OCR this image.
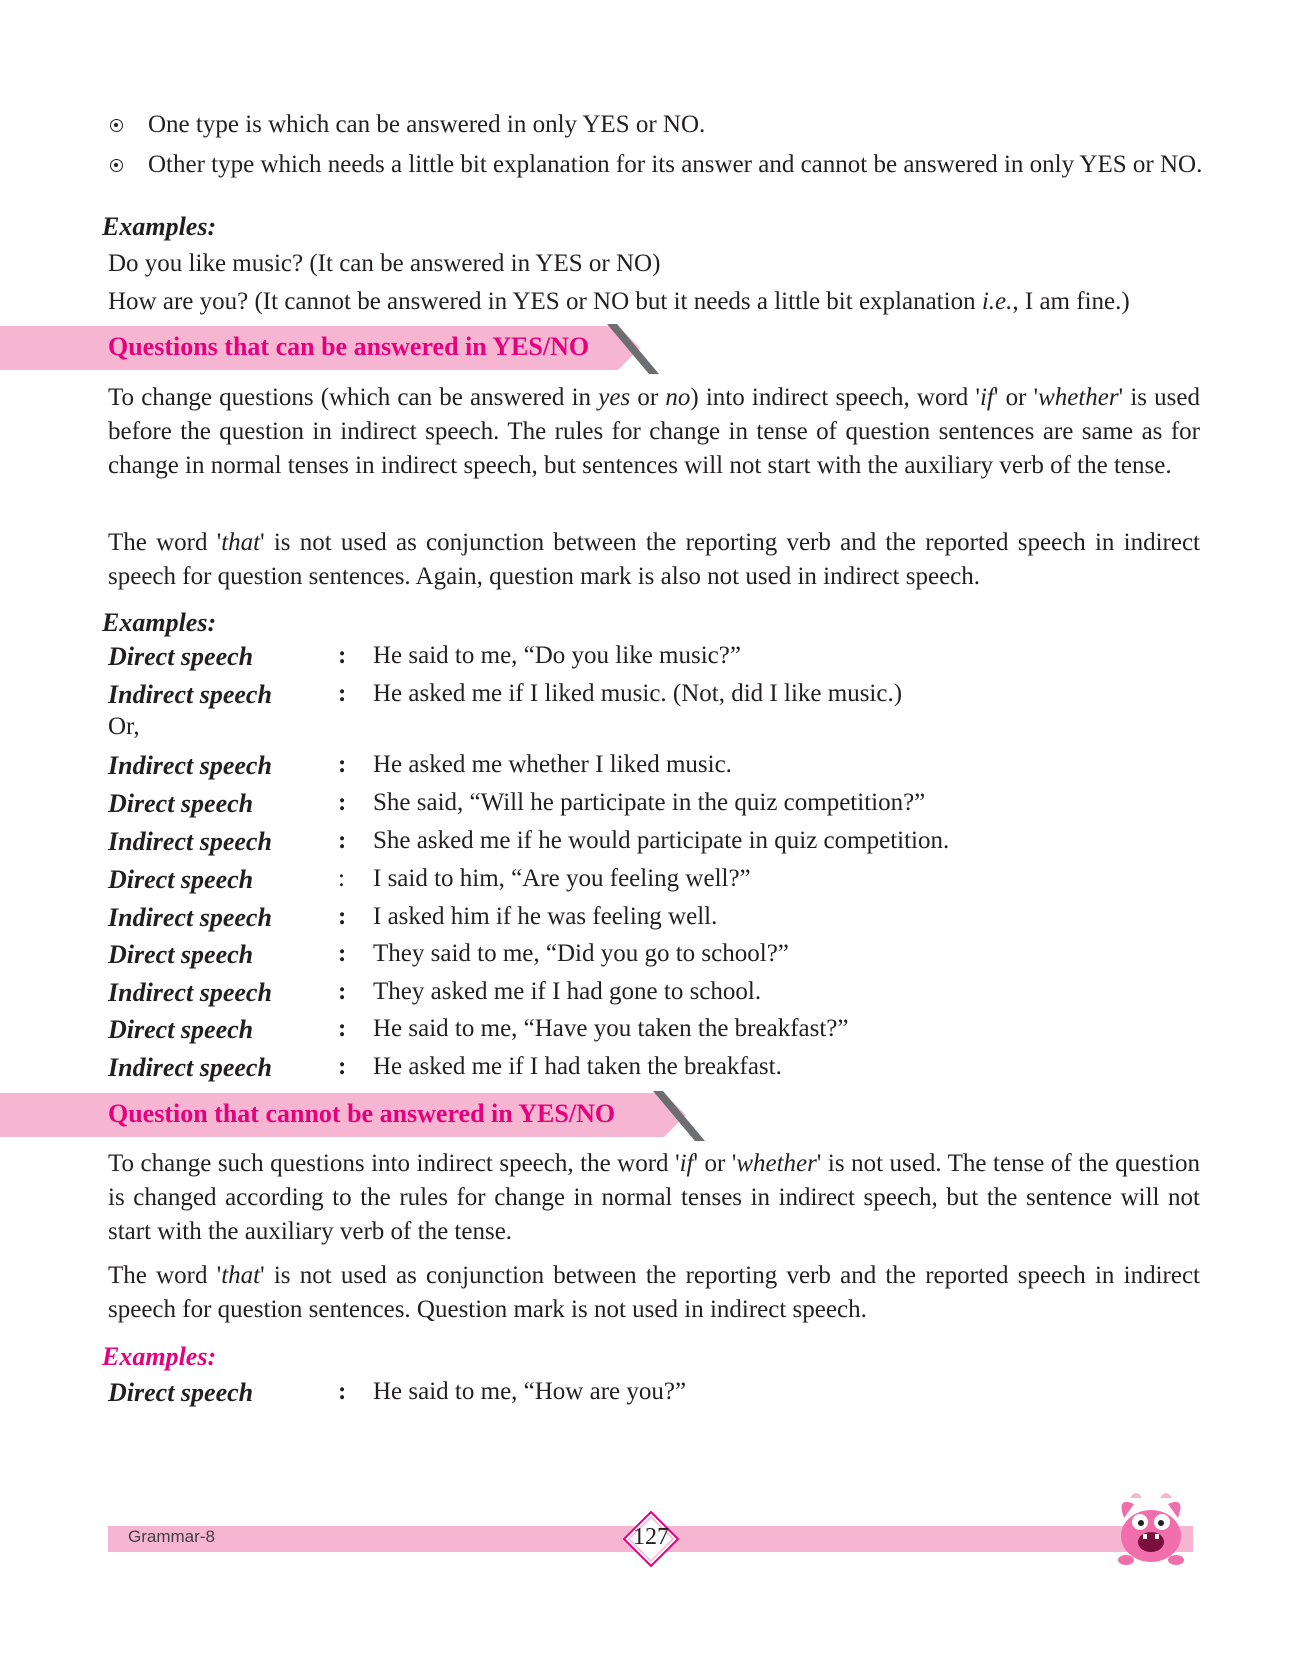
One type is which can be answered in only YES or NO.
Other type which needs a little bit explanation for its answer and cannot be answered in only YES or NO.
Examples:
Do you like music? (It can be answered in YES or NO)
How are you? (It cannot be answered in YES or NO but it needs a little bit explanation i.e., I am fine.)
Questions that can be answered in YES/NO

To change questions (which can be answered in yes or no) into indirect speech, word 'if' or 'whether' is used before the question in indirect speech. The rules for change in tense of question sentences are same as for change in normal tenses in indirect speech, but sentences will not start with the auxiliary verb of the tense.

The word 'that' is not used as conjunction between the reporting verb and the reported speech in indirect speech for question sentences. Again, question mark is also not used in indirect speech.

Examples:
Direct speech	: He said to me, “Do you like music?”
Indirect speech	: He asked me if I liked music. (Not, did I like music.)
Or,
Indirect speech	: He asked me whether I liked music.
Direct speech	: She said, “Will he participate in the quiz competition?”
Indirect speech	: She asked me if he would participate in quiz competition.
Direct speech	: I said to him, “Are you feeling well?”
Indirect speech	: I asked him if he was feeling well.
Direct speech	: They said to me, “Did you go to school?”
Indirect speech	: They asked me if I had gone to school.
Direct speech	: He said to me, “Have you taken the breakfast?”
Indirect speech	: He asked me if I had taken the breakfast.
Question that cannot be answered in YES/NO

To change such questions into indirect speech, the word 'if' or 'whether' is not used. The tense of the question is changed according to the rules for change in normal tenses in indirect speech, but the sentence will not start with the auxiliary verb of the tense.

The word 'that' is not used as conjunction between the reporting verb and the reported speech in indirect speech for question sentences. Question mark is not used in indirect speech.

Examples:
Direct speech	: He said to me, “How are you?”
Grammar-8	127
